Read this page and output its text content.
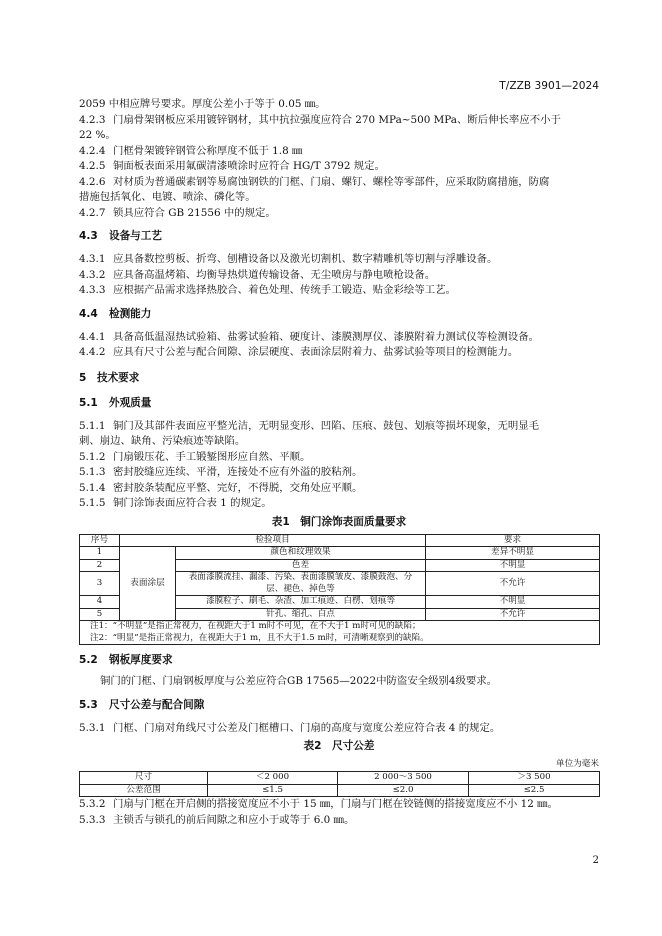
T/ZZB 3901—2024

2059 中相应牌号要求。厚度公差小于等于 0.05 ㎜。

4.2.3 门扇骨架钢板应采用镀锌钢材，其中抗拉强度应符合 270 MPa~500 MPa、断后伸长率应不小于

22 %。

4.2.4 门框骨架镀锌钢管公称厚度不低于 1.8 ㎜

4.2.5 铜面板表面采用氟碳清漆喷涂时应符合 HG/T 3792 规定。

4.2.6 对材质为普通碳素钢等易腐蚀钢铁的门框、门扇、螺钉、螺栓等零部件，应采取防腐措施，防腐

措施包括氧化、电镀、喷涂、磷化等。

4.2.7 锁具应符合 GB 21556 中的规定。

4.3 设备与工艺

4.3.1 应具备数控剪板、折弯、刨槽设备以及激光切割机、数字精雕机等切割与浮雕设备。

4.3.2 应具备高温烤箱、均衡导热烘道传输设备、无尘喷房与静电喷枪设备。

4.3.3 应根据产品需求选择热胶合、着色处理、传统手工锻造、贴金彩绘等工艺。

4.4 检测能力

4.4.1 具备高低温湿热试验箱、盐雾试验箱、硬度计、漆膜测厚仪、漆膜附着力测试仪等检测设备。

4.4.2 应具有尺寸公差与配合间隙、涂层硬度、表面涂层附着力、盐雾试验等项目的检测能力。

5 技术要求

5.1 外观质量

5.1.1 铜门及其部件表面应平整光洁，无明显变形、凹陷、压痕、鼓包、划痕等损坏现象，无明显毛

刺、崩边、缺角、污染痕迹等缺陷。

5.1.2 门扇锻压花、手工锻錾图形应自然、平顺。

5.1.3 密封胶缝应连续、平滑，连接处不应有外溢的胶粘剂。

5.1.4 密封胶条装配应平整、完好，不得脱，交角处应平顺。

5.1.5 铜门涂饰表面应符合表 1 的规定。

表1　铜门涂饰表面质量要求

序号	检验项目		要求
1	表面涂层	颜色和纹理效果	差异不明显
2		色差	不明显
3		表面漆膜流挂、漏漆、污染、表面漆膜皱皮、漆膜鼓泡、分层、褪色、掉色等	不允许
4		漆膜粒子、刷毛、杂渣、加工痕迹、白楞、划痕等	不明显
5		针孔、缩孔、白点	不允许

注1：“不明显”是指正常视力，在视距大于1 m时不可见，在不大于1 m时可见的缺陷；
注2：“明显”是指正常视力，在视距大于1 m，且不大于1.5 m时，可清晰观察到的缺陷。			

5.2 钢板厚度要求

铜门的门框、门扇钢板厚度与公差应符合GB 17565—2022中防盗安全级别4级要求。

5.3 尺寸公差与配合间隙

5.3.1 门框、门扇对角线尺寸公差及门框槽口、门扇的高度与宽度公差应符合表 4 的规定。

表2　尺寸公差

单位为毫米
尺寸	＜2 000	2 000～3 500	＞3 500
公差范围	≤1.5	≤2.0	≤2.5

5.3.2 门扇与门框在开启侧的搭接宽度应不小于 15 ㎜，门扇与门框在铰链侧的搭接宽度应不小 12 ㎜。

5.3.3 主锁舌与锁孔的前后间隙之和应小于或等于 6.0 ㎜。

2
